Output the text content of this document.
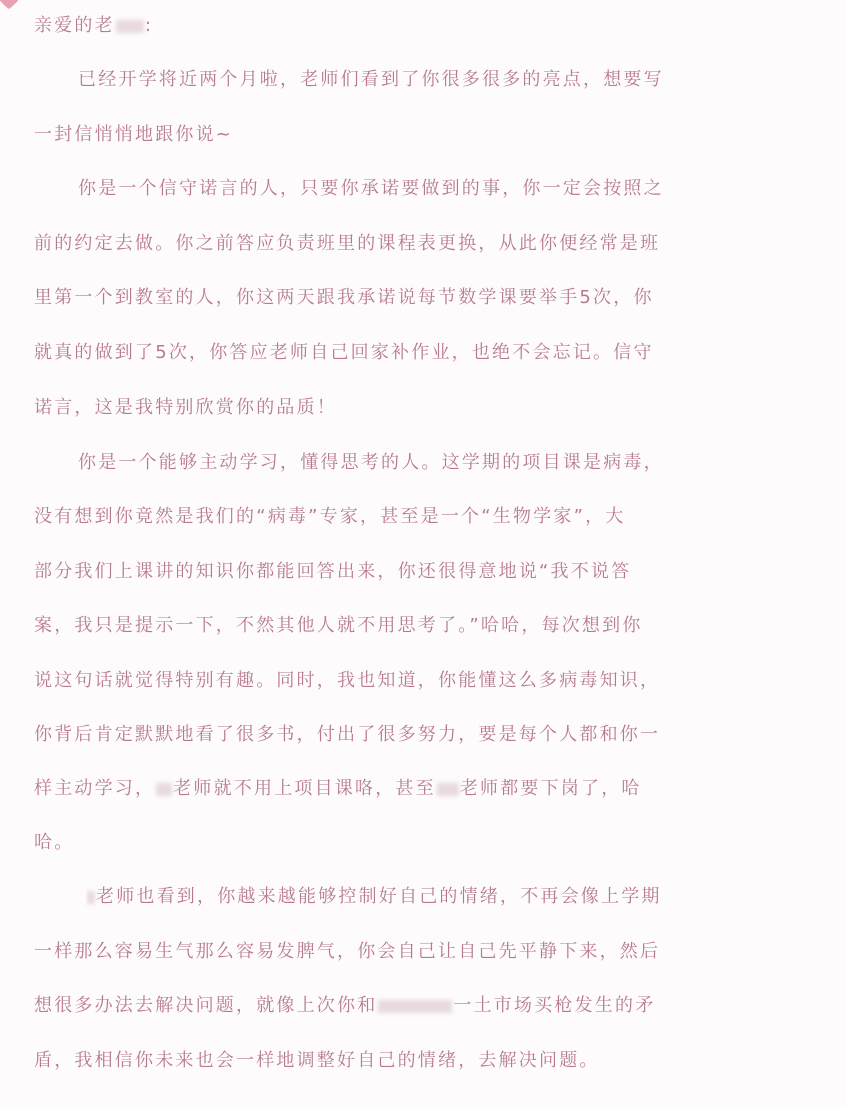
亲爱的老 :
已经开学将近两个月啦，老师们看到了你很多很多的亮点，想要写
一封信悄悄地跟你说~
你是一个信守诺言的人，只要你承诺要做到的事，你一定会按照之
前的约定去做。你之前答应负责班里的课程表更换，从此你便经常是班
里第一个到教室的人，你这两天跟我承诺说每节数学课要举手5次，你
就真的做到了5次，你答应老师自己回家补作业，也绝不会忘记。信守
诺言，这是我特别欣赏你的品质！
你是一个能够主动学习，懂得思考的人。这学期的项目课是病毒，
没有想到你竟然是我们的“病毒”专家，甚至是一个“生物学家”，大
部分我们上课讲的知识你都能回答出来，你还很得意地说“我不说答
案，我只是提示一下，不然其他人就不用思考了。”哈哈，每次想到你
说这句话就觉得特别有趣。同时，我也知道，你能懂这么多病毒知识，
你背后肯定默默地看了很多书，付出了很多努力，要是每个人都和你一
样主动学习， 老师就不用上项目课咯，甚至 老师都要下岗了，哈
哈。
老师也看到，你越来越能够控制好自己的情绪，不再会像上学期
一样那么容易生气那么容易发脾气，你会自己让自己先平静下来，然后
想很多办法去解决问题，就像上次你和	一土市场买枪发生的矛
盾，我相信你未来也会一样地调整好自己的情绪，去解决问题。
